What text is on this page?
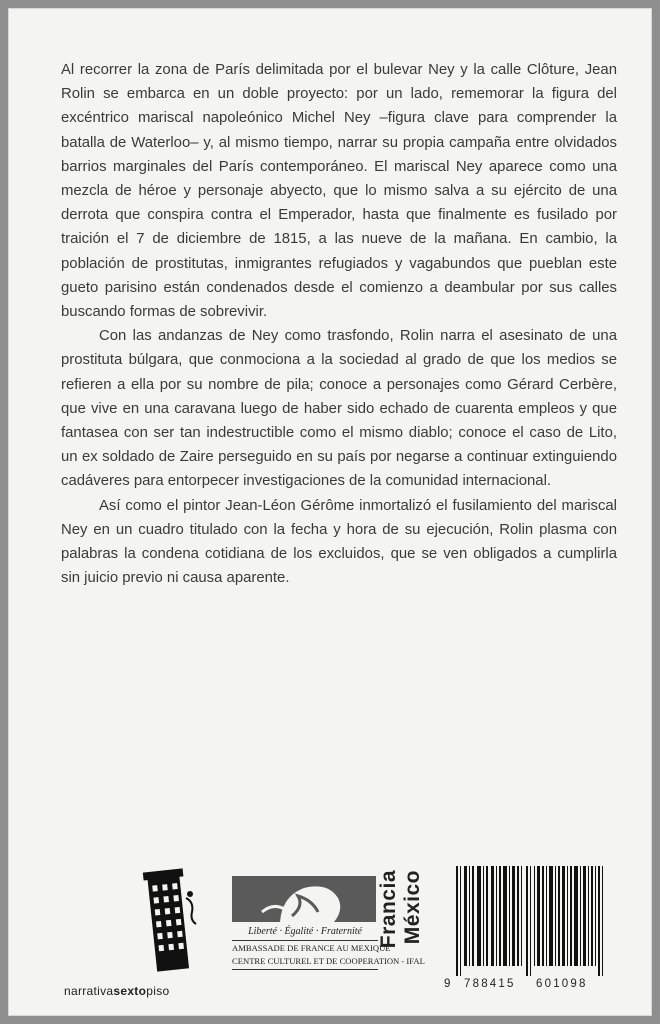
Al recorrer la zona de París delimitada por el bulevar Ney y la calle Clôture, Jean Rolin se embarca en un doble proyecto: por un lado, rememorar la figura del excéntrico mariscal napoleónico Michel Ney –figura clave para comprender la batalla de Waterloo– y, al mismo tiempo, narrar su propia campaña entre olvidados barrios marginales del París contemporáneo. El mariscal Ney aparece como una mezcla de héroe y personaje abyecto, que lo mismo salva a su ejército de una derrota que conspira contra el Emperador, hasta que finalmente es fusilado por traición el 7 de diciembre de 1815, a las nueve de la mañana. En cambio, la población de prostitutas, inmigrantes refugiados y vagabundos que pueblan este gueto parisino están condenados desde el comienzo a deambular por sus calles buscando formas de sobrevivir.

Con las andanzas de Ney como trasfondo, Rolin narra el asesinato de una prostituta búlgara, que conmociona a la sociedad al grado de que los medios se refieren a ella por su nombre de pila; conoce a personajes como Gérard Cerbère, que vive en una caravana luego de haber sido echado de cuarenta empleos y que fantasea con ser tan indestructible como el mismo diablo; conoce el caso de Lito, un ex soldado de Zaire perseguido en su país por negarse a continuar extinguiendo cadáveres para entorpecer investigaciones de la comunidad internacional.

Así como el pintor Jean-Léon Gérôme inmortalizó el fusilamiento del mariscal Ney en un cuadro titulado con la fecha y hora de su ejecución, Rolin plasma con palabras la condena cotidiana de los excluidos, que se ven obligados a cumplirla sin juicio previo ni causa aparente.

narrativasextopiso
Liberté · Égalité · Fraternité
AMBASSADE DE FRANCE AU MEXIQUE
CENTRE CULTUREL ET DE COOPERATION - IFAL
Francia México
9 788415 601098
